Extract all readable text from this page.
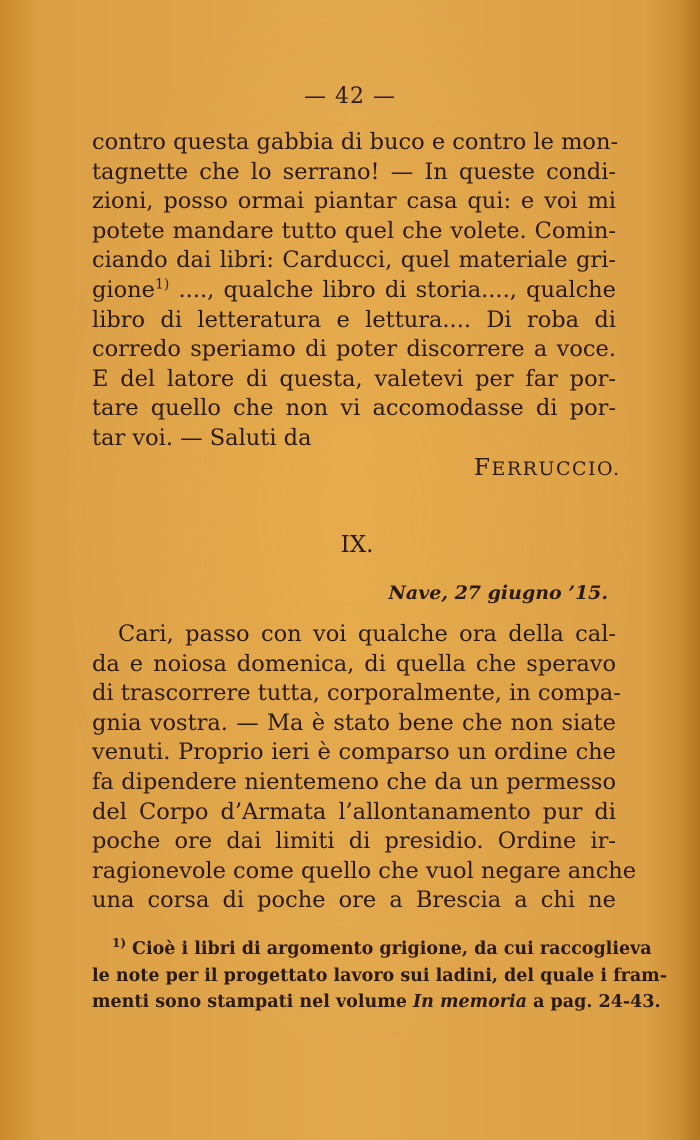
— 42 —
contro questa gabbia di buco e contro le mon-
tagnette che lo serrano! — In queste condi-
zioni, posso ormai piantar casa qui: e voi mi
potete mandare tutto quel che volete. Comin-
ciando dai libri: Carducci, quel materiale gri-
gione$^{1)}$ ...., qualche libro di storia...., qualche
libro di letteratura e lettura.... Di roba di
corredo speriamo di poter discorrere a voce.
E del latore di questa, valetevi per far por-
tare quello che non vi accomodasse di por-
tar voi. — Saluti da
FERRUCCIO.
IX.
Nave, 27 giugno ’15.
Cari, passo con voi qualche ora della cal-
da e noiosa domenica, di quella che speravo
di trascorrere tutta, corporalmente, in compa-
gnia vostra. — Ma è stato bene che non siate
venuti. Proprio ieri è comparso un ordine che
fa dipendere nientemeno che da un permesso
del Corpo d’Armata l’allontanamento pur di
poche ore dai limiti di presidio. Ordine ir-
ragionevole come quello che vuol negare anche
una corsa di poche ore a Brescia a chi ne
$^{1)}$ Cioè i libri di argomento grigione, da cui raccoglieva
le note per il progettato lavoro sui ladini, del quale i fram-
menti sono stampati nel volume In memoria a pag. 24-43.
